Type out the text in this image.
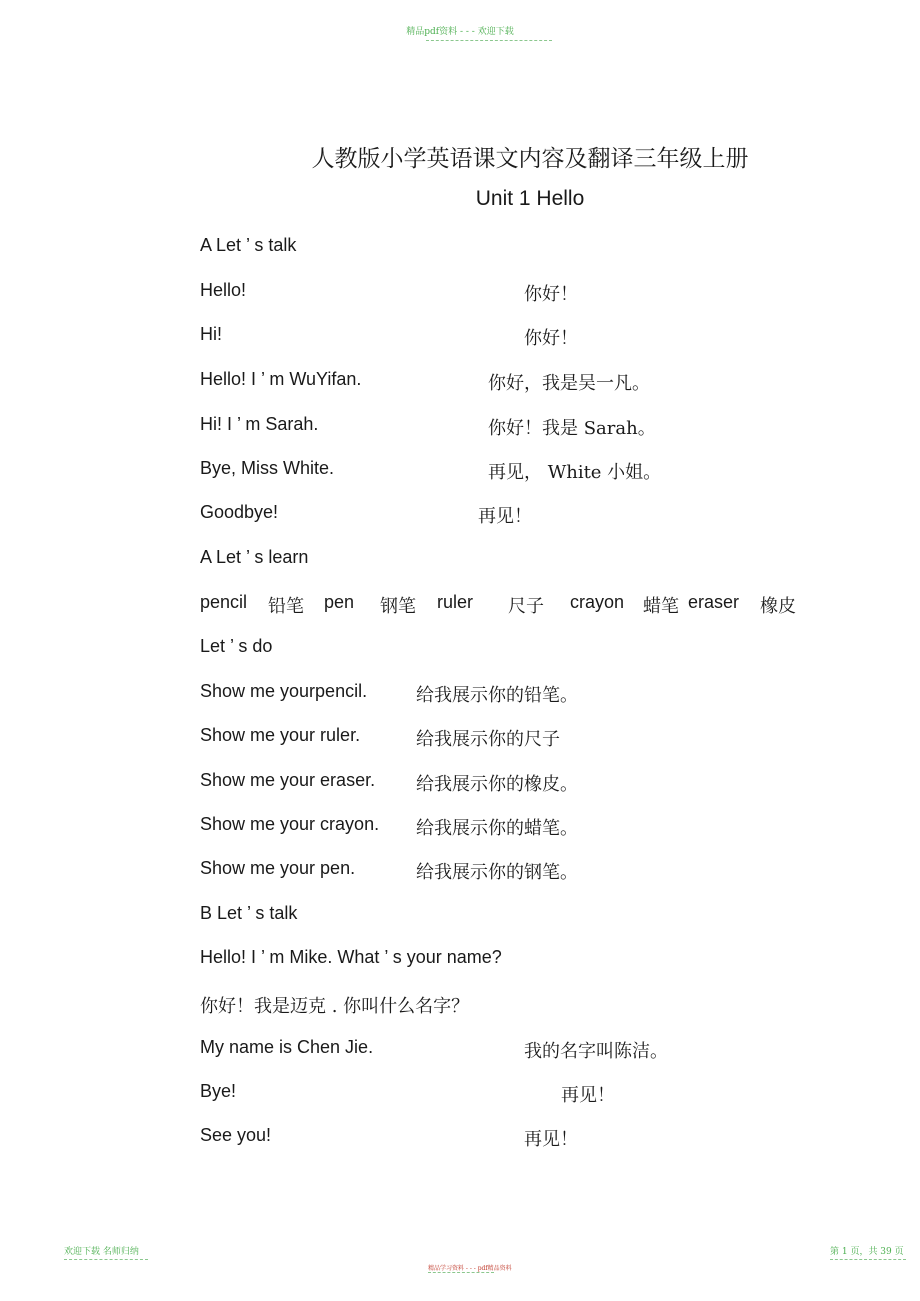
精品pdf资料 - - - 欢迎下载
人教版小学英语课文内容及翻译三年级上册
Unit 1 Hello
A Let ’ s talk
Hello!	你好！
Hi!	你好！
Hello! I ’ m WuYifan.	你好，我是吴一凡。
Hi! I ’ m Sarah.	你好！我是 Sarah。
Bye, Miss White.	再见， White 小姐。
Goodbye!	再见！
A Let ’ s learn
pencil 铅笔 pen 钢笔 ruler 尺子 crayon 蜡笔 eraser 橡皮
Let ’ s do
Show me yourpencil.	给我展示你的铅笔。
Show me your ruler.	给我展示你的尺子
Show me your eraser. 给我展示你的橡皮。
Show me your crayon. 给我展示你的蜡笔。
Show me your pen.	给我展示你的钢笔。
B Let ’ s talk
Hello! I ’ m Mike. What ’ s your name?
你好！我是迈克 . 你叫什么名字？
My name is Chen Jie.	我的名字叫陈洁。
Bye!	再见！
See you!	再见！
欢迎下载 名师归纳
精品学习资料 - - - pdf精品资料
第 1 页，共 39 页
